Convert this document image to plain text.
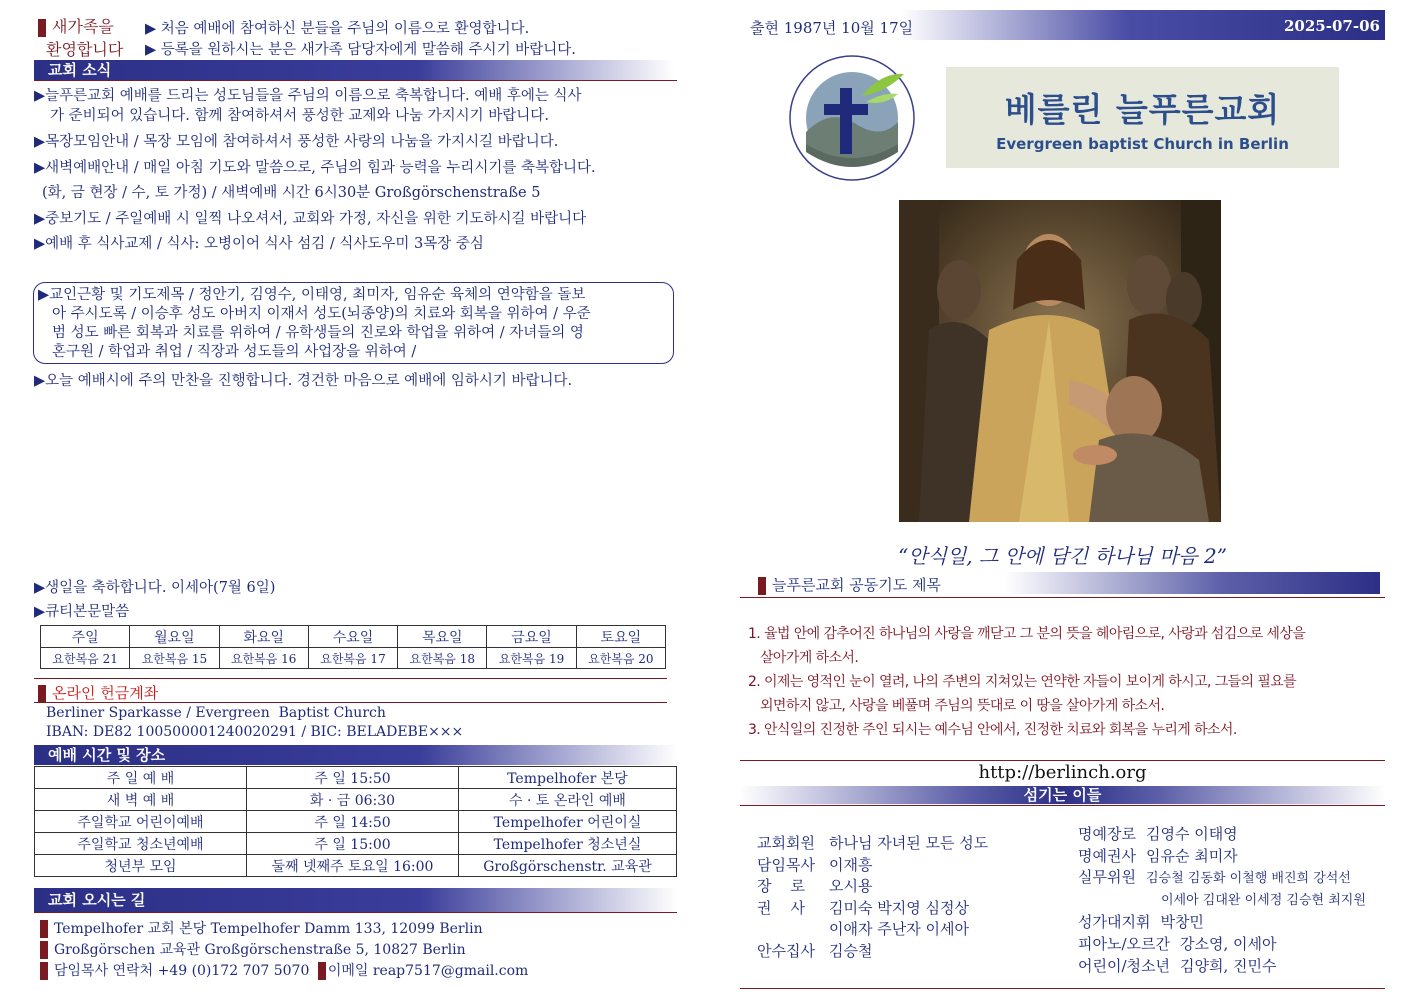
새가족을
환영합니다
▶ 처음 예배에 참여하신 분들을 주님의 이름으로 환영합니다.
▶ 등록을 원하시는 분은 새가족 담당자에게 말씀해 주시기 바랍니다.
교회 소식

▶늘푸른교회 예배를 드리는 성도님들을 주님의 이름으로 축복합니다. 예배 후에는 식사

가 준비되어 있습니다. 함께 참여하셔서 풍성한 교제와 나눔 가지시기 바랍니다.

▶목장모임안내 / 목장 모임에 참여하셔서 풍성한 사랑의 나눔을 가지시길 바랍니다.

▶새벽예배안내 / 매일 아침 기도와 말씀으로, 주님의 힘과 능력을 누리시기를 축복합니다.

(화, 금 현장 / 수, 토 가정) / 새벽예배 시간 6시30분 Großgörschenstraße 5

▶중보기도 / 주일예배 시 일찍 나오셔서, 교회와 가정, 자신을 위한 기도하시길 바랍니다

▶예배 후 식사교제 / 식사: 오병이어 식사 섬김 / 식사도우미 3목장 중심

▶교인근황 및 기도제목 / 정안기, 김영수, 이태영, 최미자, 임유순 육체의 연약함을 돌보
아 주시도록 / 이승후 성도 아버지 이재서 성도(뇌종양)의 치료와 회복을 위하여 / 우준
범 성도 빠른 회복과 치료를 위하여 / 유학생들의 진로와 학업을 위하여 / 자녀들의 영
혼구원 / 학업과 취업 / 직장과 성도들의 사업장을 위하여 /
▶오늘 예배시에 주의 만찬을 진행합니다. 경건한 마음으로 예배에 임하시기 바랍니다.
▶생일을 축하합니다. 이세아(7월 6일)
▶큐티본문말씀
주일	월요일	화요일	수요일	목요일	금요일	토요일
요한복음 21	요한복음 15	요한복음 16	요한복음 17	요한복음 18	요한복음 19	요한복음 20
온라인 헌금계좌
Berliner Sparkasse / Evergreen  Baptist Church
IBAN: DE82 100500001240020291 / BIC: BELADEBE×××
예배 시간 및 장소
주 일 예 배	주 일 15:50	Tempelhofer 본당
새 벽 예 배	화 · 금 06:30	수 · 토 온라인 예배
주일학교 어린이예배	주 일 14:50	Tempelhofer 어린이실
주일학교 청소년예배	주 일 15:00	Tempelhofer 청소년실
청년부 모임	둘째 넷째주 토요일 16:00	Großgörschenstr. 교육관
교회 오시는 길
Tempelhofer 교회 본당 Tempelhofer Damm 133, 12099 Berlin
Großgörschen 교육관 Großgörschenstraße 5, 10827 Berlin
담임목사 연락처 +49 (0)172 707 5070 이메일 reap7517@gmail.com
출현 1987년 10월 17일	2025-07-06
베를린 늘푸른교회
Evergreen baptist Church in Berlin
“안식일, 그 안에 담긴 하나님 마음 2”
늘푸른교회 공동기도 제목
1. 율법 안에 감추어진 하나님의 사랑을 깨닫고 그 분의 뜻을 헤아림으로, 사랑과 섬김으로 세상을
살아가게 하소서.
2. 이제는 영적인 눈이 열려, 나의 주변의 지쳐있는 연약한 자들이 보이게 하시고, 그들의 필요를
외면하지 않고, 사랑을 베풀며 주님의 뜻대로 이 땅을 살아가게 하소서.
3. 안식일의 진정한 주인 되시는 예수님 안에서, 진정한 치료와 회복을 누리게 하소서.
http://berlinch.org
섬기는 이들
교회회원 하나님 자녀된 모든 성도
담임목사 이재흥
장    로 오시용
권    사 김미숙 박지영 심정상
이애자 주난자 이세아
안수집사 김승철
명예장로 김영수 이태영
명예권사 임유순 최미자
실무위원 김승철 김동화 이철행 배진희 강석선
이세아 김대완 이세정 김승현 최지원
성가대지휘 박창민
피아노/오르간 강소영, 이세아
어린이/청소년 김양희, 진민수
